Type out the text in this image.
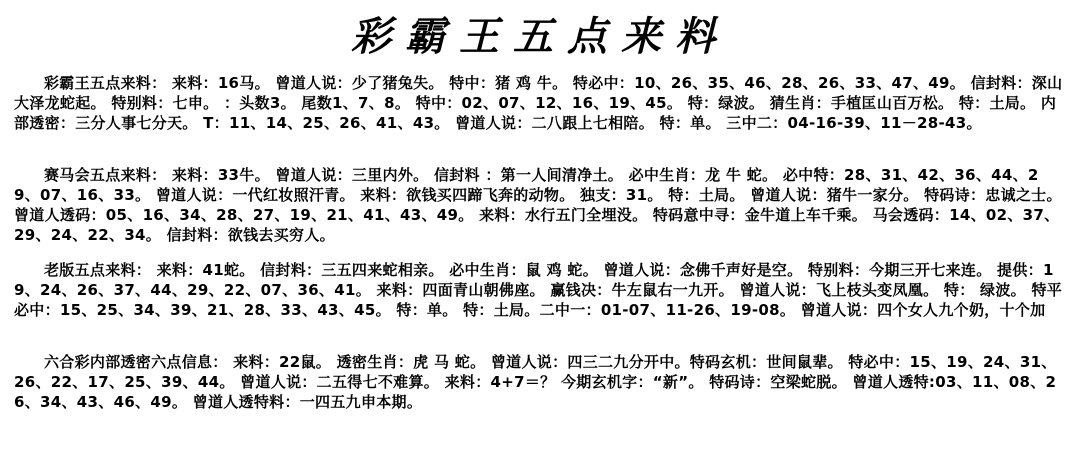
彩霸王五点来料

彩霸王五点来料： 来料：16马。 曾道人说：少了猪兔失。 特中：猪 鸡 牛。 特必中：10、26、35、46、28、26、33、47、49。 信封料：深山大泽龙蛇起。 特别料：七申。 ：头数3。 尾数1、7、8。 特中：02、07、12、16、19、45。 特：绿波。 猜生肖：手植匡山百万松。 特：土局。 内部透密：三分人事七分天。 T：11、14、25、26、41、43。 曾道人说：二八跟上七相陪。 特：单。 三中二：04-16-39、11－28-43。

赛马会五点来料： 来料：33牛。 曾道人说：三里内外。 信封料 ：第一人间清净土。 必中生肖：龙 牛 蛇。 必中特：28、31、42、36、44、29、07、16、33。 曾道人说：一代红妆照汗青。 来料：欲钱买四蹄飞奔的动物。 独支：31。 特：土局。 曾道人说：猪牛一家分。 特码诗：忠诚之士。 曾道人透码：05、16、34、28、27、19、21、41、43、49。 来料：水行五门全埋没。 特码意中寻：金牛道上车千乘。 马会透码：14、02、37、29、24、22、34。 信封料：欲钱去买穷人。

老版五点来料： 来料：41蛇。 信封料：三五四来蛇相亲。 必中生肖：鼠 鸡 蛇。 曾道人说：念佛千声好是空。 特别料：今期三开七来连。 提供：19、24、26、37、44、29、22、07、36、41。 来料：四面青山朝佛座。 赢钱决：牛左鼠右一九开。 曾道人说：飞上枝头变凤凰。 特： 绿波。 特平必中：15、25、34、39、21、28、33、43、45。 特：单。 特：土局。二中一：01-07、11-26、19-08。 曾道人说：四个女人九个奶，十个加

六合彩内部透密六点信息： 来料：22鼠。 透密生肖：虎 马 蛇。 曾道人说：四三二九分开中。特码玄机：世间鼠辈。 特必中：15、19、24、31、26、22、17、25、39、44。 曾道人说：二五得七不难算。 来料：4+7＝？ 今期玄机字：“新”。 特码诗：空梁蛇脱。 曾道人透特:03、11、08、26、34、43、46、49。 曾道人透特料：一四五九申本期。
